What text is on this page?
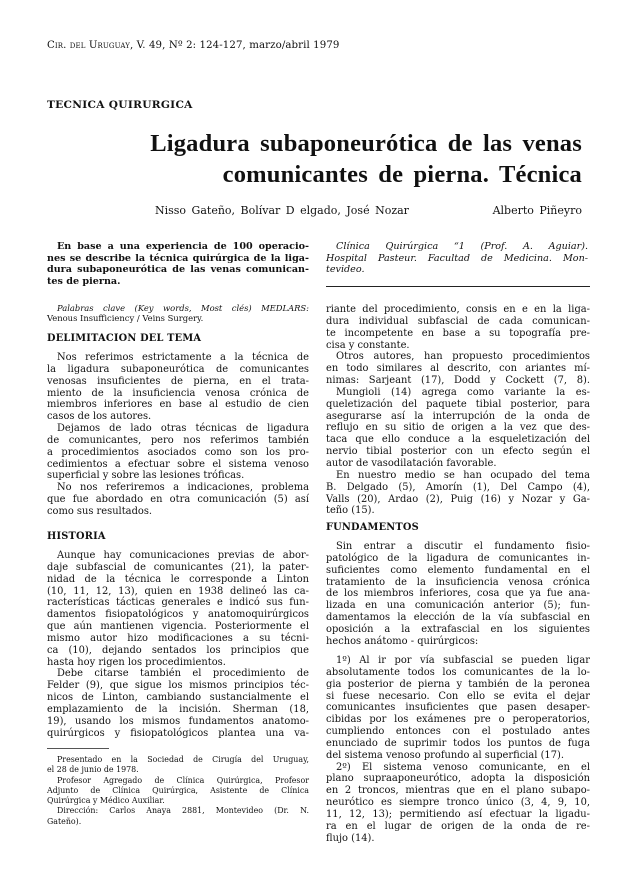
Cir. del Uruguay, V. 49, Nº 2: 124-127, marzo/abril 1979
TECNICA QUIRURGICA
Ligadura subaponeurótica de las venas
comunicantes de pierna. Técnica
Nisso Gateño, Bolívar D elgado, José Nozar	Alberto Piñeyro
En base a una experiencia de 100 operacio-
nes se describe la técnica quirúrgica de la liga-
dura subaponeurótica de las venas comunican-
tes de pierna.
Palabras clave (Key words, Most clés) MEDLARS:
Venous Insufficiency / Veins Surgery.
DELIMITACION DEL TEMA
Nos referimos estrictamente a la técnica de
la ligadura subaponeurótica de comunicantes
venosas insuficientes de pierna, en el trata-
miento de la insuficiencia venosa crónica de
miembros inferiores en base al estudio de cien
casos de los autores.
Dejamos de lado otras técnicas de ligadura
de comunicantes, pero nos referimos también
a procedimientos asociados como son los pro-
cedimientos a efectuar sobre el sistema venoso
superficial y sobre las lesiones tróficas.
No nos referiremos a indicaciones, problema
que fue abordado en otra comunicación (5) así
como sus resultados.
HISTORIA
Aunque hay comunicaciones previas de abor-
daje subfascial de comunicantes (21), la pater-
nidad de la técnica le corresponde a Linton
(10, 11, 12, 13), quien en 1938 delineó las ca-
racterísticas tácticas generales e indicó sus fun-
damentos fisiopatológicos y anatomoquirúrgicos
que aún mantienen vigencia. Posteriormente el
mismo autor hizo modificaciones a su técni-
ca (10), dejando sentados los principios que
hasta hoy rigen los procedimientos.
Debe citarse también el procedimiento de
Felder (9), que sigue los mismos principios téc-
nicos de Linton, cambiando sustancialmente el
emplazamiento de la incisión. Sherman (18,
19), usando los mismos fundamentos anatomo-
quirúrgicos y fisiopatológicos plantea una va-
Presentado en la Sociedad de Cirugía del Uruguay,
el 28 de junio de 1978.
Profesor Agregado de Clínica Quirúrgica, Profesor
Adjunto de Clínica Quirúrgica, Asistente de Clínica
Quirúrgica y Médico Auxiliar.
Dirección: Carlos Anaya 2881, Montevideo (Dr. N.
Gateño).
Clínica Quirúrgica “1 (Prof. A. Aguiar).
Hospital Pasteur. Facultad de Medicina. Mon-
tevideo.
riante del procedimiento, consis en e en la liga-
dura individual subfascial de cada comunican-
te incompetente en base a su topografía pre-
cisa y constante.
Otros autores, han propuesto procedimientos
en todo similares al descrito, con ariantes mí-
nimas: Sarjeant (17), Dodd y Cockett (7, 8).
Mungioli (14) agrega como variante la es-
queletización del paquete tibial posterior, para
asegurarse así la interrupción de la onda de
reflujo en su sitio de origen a la vez que des-
taca que ello conduce a la esqueletización del
nervio tibial posterior con un efecto según el
autor de vasodilatación favorable.
En nuestro medio se han ocupado del tema
B. Delgado (5), Amorín (1), Del Campo (4),
Valls (20), Ardao (2), Puig (16) y Nozar y Ga-
teño (15).
FUNDAMENTOS
Sin entrar a discutir el fundamento fisio-
patológico de la ligadura de comunicantes in-
suficientes como elemento fundamental en el
tratamiento de la insuficiencia venosa crónica
de los miembros inferiores, cosa que ya fue ana-
lizada en una comunicación anterior (5); fun-
damentamos la elección de la vía subfascial en
oposición a la extrafascial en los siguientes
hechos anátomo - quirúrgicos:
1º) Al ir por vía subfascial se pueden ligar
absolutamente todos los comunicantes de la lo-
gia posterior de pierna y también de la peronea
si fuese necesario. Con ello se evita el dejar
comunicantes insuficientes que pasen desaper-
cibidas por los exámenes pre o peroperatorios,
cumpliendo entonces con el postulado antes
enunciado de suprimir todos los puntos de fuga
del sistema venoso profundo al superficial (17).
2º) El sistema venoso comunicante, en el
plano supraaponeurótico, adopta la disposición
en 2 troncos, mientras que en el plano subapo-
neurótico es siempre tronco único (3, 4, 9, 10,
11, 12, 13); permitiendo así efectuar la ligadu-
ra en el lugar de origen de la onda de re-
flujo (14).
